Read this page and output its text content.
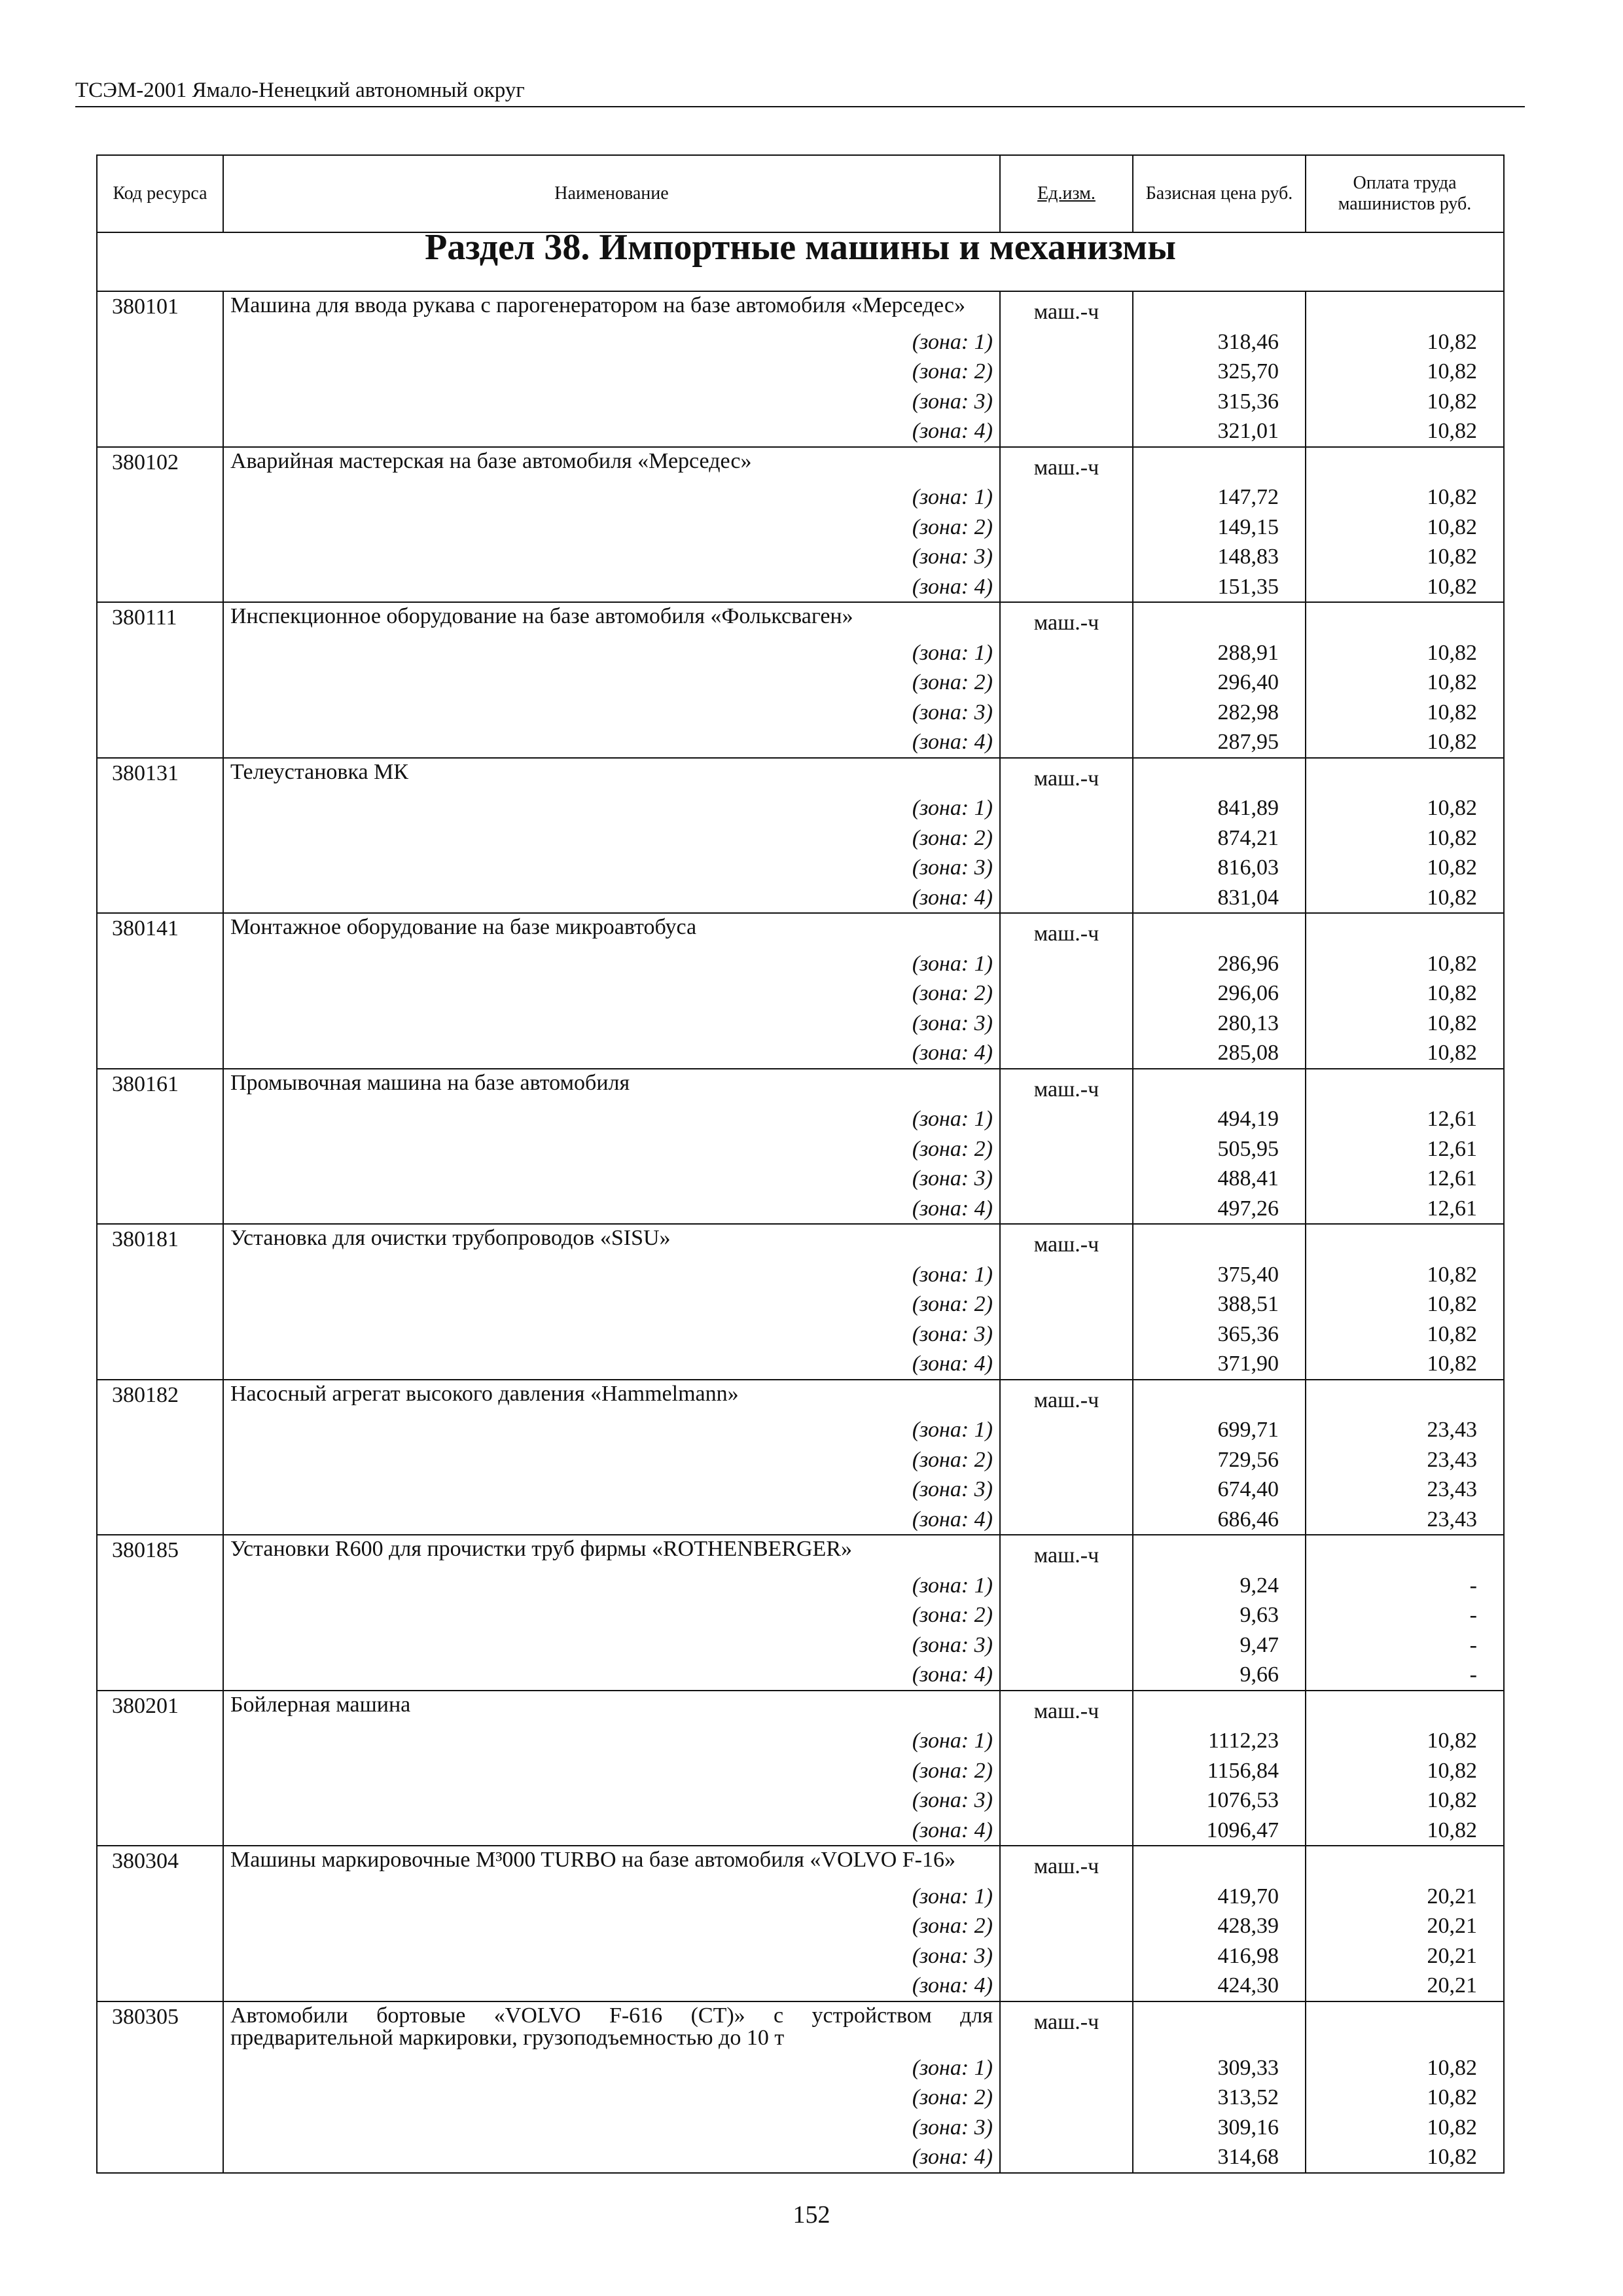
ТСЭМ-2001 Ямало-Ненецкий автономный округ
Код ресурса	Наименование	Ед.изм.	Базисная цена руб.	Оплата труда машинистов руб.
Раздел 38. Импортные машины и механизмы				
380101	Машина для ввода рукава с парогенератором на базе автомобиля «Мерседес»	маш.-ч		
	(зона: 1)		318,46	10,82
	(зона: 2)		325,70	10,82
	(зона: 3)		315,36	10,82
	(зона: 4)		321,01	10,82
380102	Аварийная мастерская на базе автомобиля «Мерседес»	маш.-ч		
	(зона: 1)		147,72	10,82
	(зона: 2)		149,15	10,82
	(зона: 3)		148,83	10,82
	(зона: 4)		151,35	10,82
380111	Инспекционное оборудование на базе автомобиля «Фольксваген»	маш.-ч		
	(зона: 1)		288,91	10,82
	(зона: 2)		296,40	10,82
	(зона: 3)		282,98	10,82
	(зона: 4)		287,95	10,82
380131	Телеустановка МК	маш.-ч		
	(зона: 1)		841,89	10,82
	(зона: 2)		874,21	10,82
	(зона: 3)		816,03	10,82
	(зона: 4)		831,04	10,82
380141	Монтажное оборудование на базе микроавтобуса	маш.-ч		
	(зона: 1)		286,96	10,82
	(зона: 2)		296,06	10,82
	(зона: 3)		280,13	10,82
	(зона: 4)		285,08	10,82
380161	Промывочная машина на базе автомобиля	маш.-ч		
	(зона: 1)		494,19	12,61
	(зона: 2)		505,95	12,61
	(зона: 3)		488,41	12,61
	(зона: 4)		497,26	12,61
380181	Установка для очистки трубопроводов «SISU»	маш.-ч		
	(зона: 1)		375,40	10,82
	(зона: 2)		388,51	10,82
	(зона: 3)		365,36	10,82
	(зона: 4)		371,90	10,82
380182	Насосный агрегат высокого давления «Hammelmann»	маш.-ч		
	(зона: 1)		699,71	23,43
	(зона: 2)		729,56	23,43
	(зона: 3)		674,40	23,43
	(зона: 4)		686,46	23,43
380185	Установки R600 для прочистки труб фирмы «ROTHENBERGER»	маш.-ч		
	(зона: 1)		9,24	-
	(зона: 2)		9,63	-
	(зона: 3)		9,47	-
	(зона: 4)		9,66	-
380201	Бойлерная машина	маш.-ч		
	(зона: 1)		1112,23	10,82
	(зона: 2)		1156,84	10,82
	(зона: 3)		1076,53	10,82
	(зона: 4)		1096,47	10,82
380304	Машины маркировочные M³000 TURBO на базе автомобиля «VOLVO F-16»	маш.-ч		
	(зона: 1)		419,70	20,21
	(зона: 2)		428,39	20,21
	(зона: 3)		416,98	20,21
	(зона: 4)		424,30	20,21
380305	Автомобили бортовые «VOLVO F-616 (CT)» с устройством для предварительной маркировки, грузоподъемностью до 10 т	маш.-ч		
	(зона: 1)		309,33	10,82
	(зона: 2)		313,52	10,82
	(зона: 3)		309,16	10,82
	(зона: 4)		314,68	10,82
152
